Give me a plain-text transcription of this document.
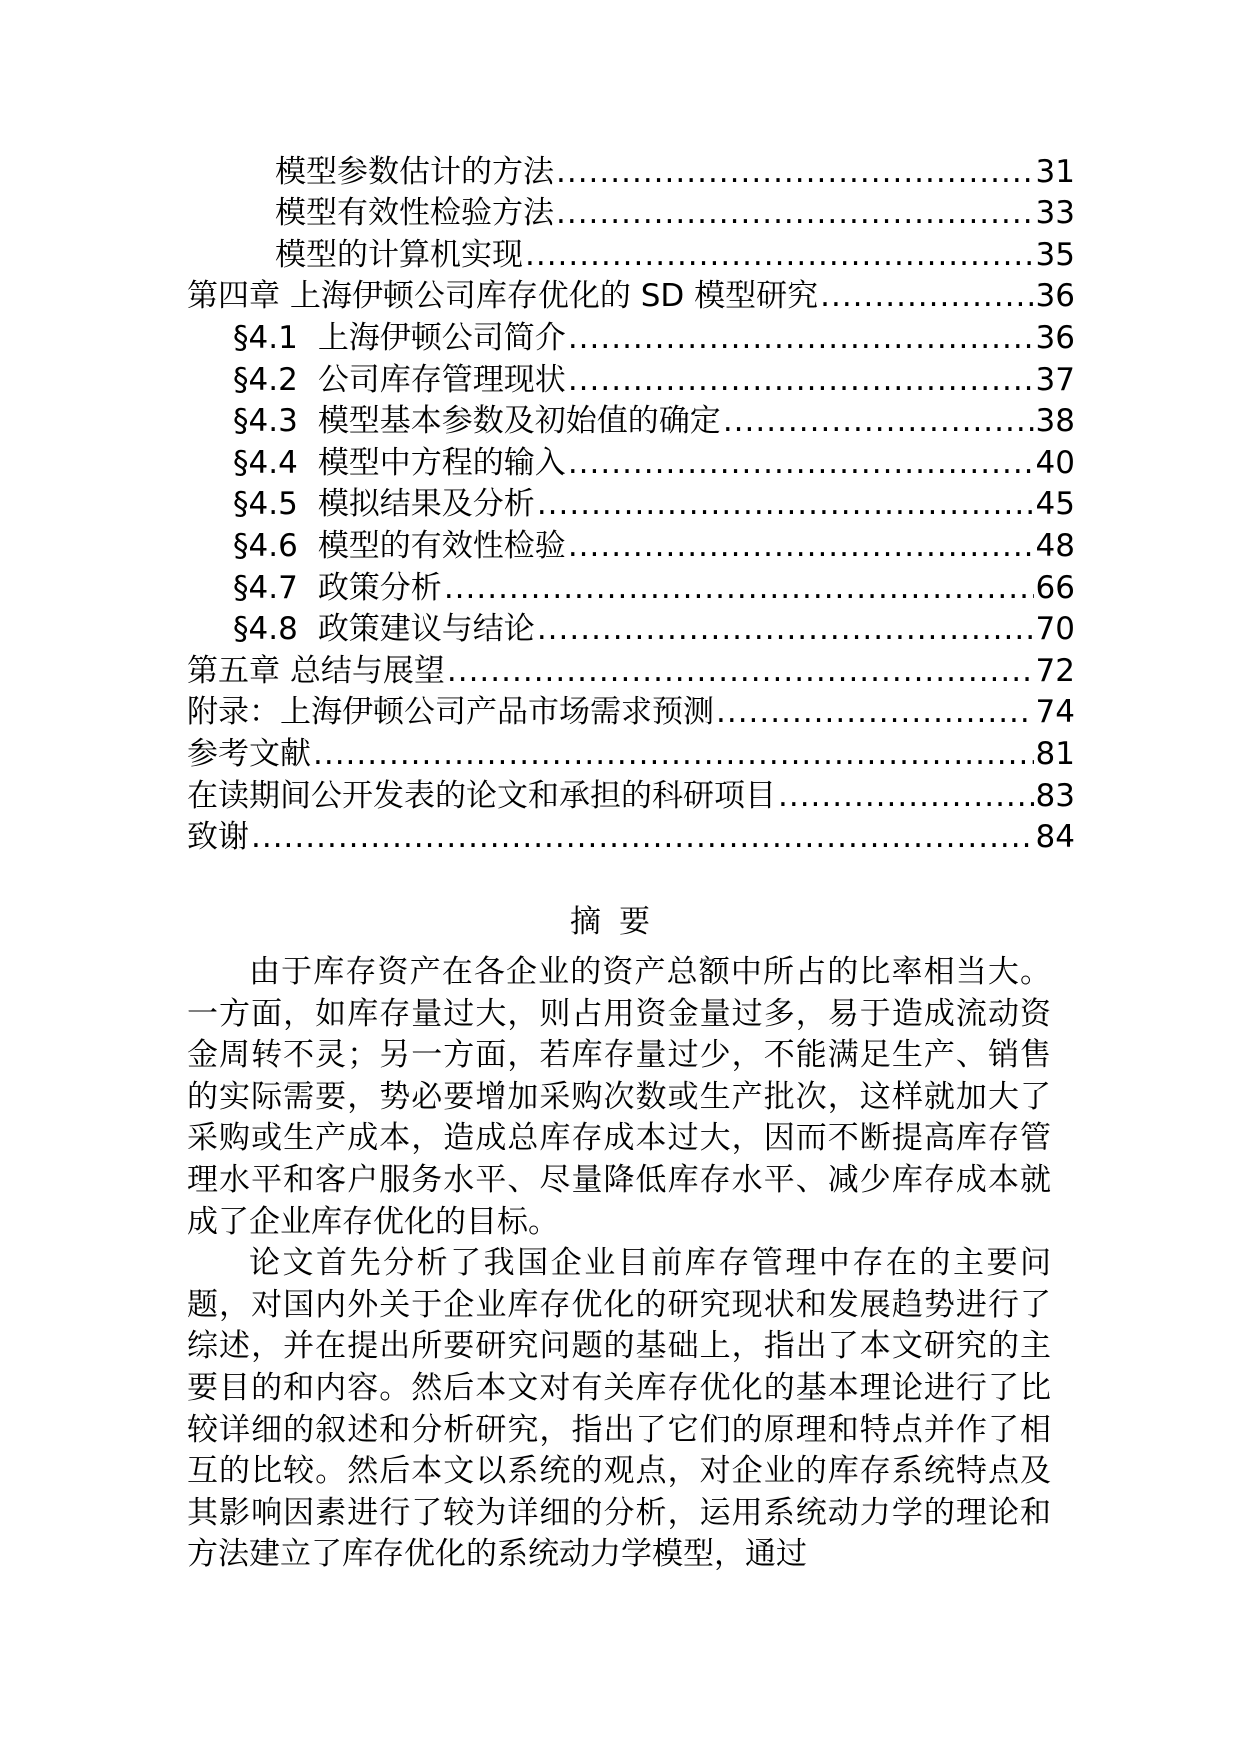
模型参数估计的方法 .....	31
模型有效性检验方法 .....	33
模型的计算机实现 .....	35
第四章 上海伊顿公司库存优化的 SD 模型研究 .....	36
§4.1 上海伊顿公司简介 .....	36
§4.2 公司库存管理现状 .....	37
§4.3 模型基本参数及初始值的确定 .....	38
§4.4 模型中方程的输入 .....	40
§4.5 模拟结果及分析 .....	45
§4.6 模型的有效性检验 .....	48
§4.7 政策分析 .....	66
§4.8 政策建议与结论 .....	70
第五章 总结与展望 .....	72
附录：上海伊顿公司产品市场需求预测 .....	74
参考文献 .....	81
在读期间公开发表的论文和承担的科研项目 .....	83
致谢 .....	84
摘要

由于库存资产在各企业的资产总额中所占的比率相当大。一方面，如库存量过大，则占用资金量过多，易于造成流动资金周转不灵；另一方面，若库存量过少，不能满足生产、销售的实际需要，势必要增加采购次数或生产批次，这样就加大了采购或生产成本，造成总库存成本过大，因而不断提高库存管理水平和客户服务水平、尽量降低库存水平、减少库存成本就成了企业库存优化的目标。

论文首先分析了我国企业目前库存管理中存在的主要问题，对国内外关于企业库存优化的研究现状和发展趋势进行了综述，并在提出所要研究问题的基础上，指出了本文研究的主要目的和内容。然后本文对有关库存优化的基本理论进行了比较详细的叙述和分析研究，指出了它们的原理和特点并作了相互的比较。然后本文以系统的观点，对企业的库存系统特点及其影响因素进行了较为详细的分析，运用系统动力学的理论和方法建立了库存优化的系统动力学模型，通过
